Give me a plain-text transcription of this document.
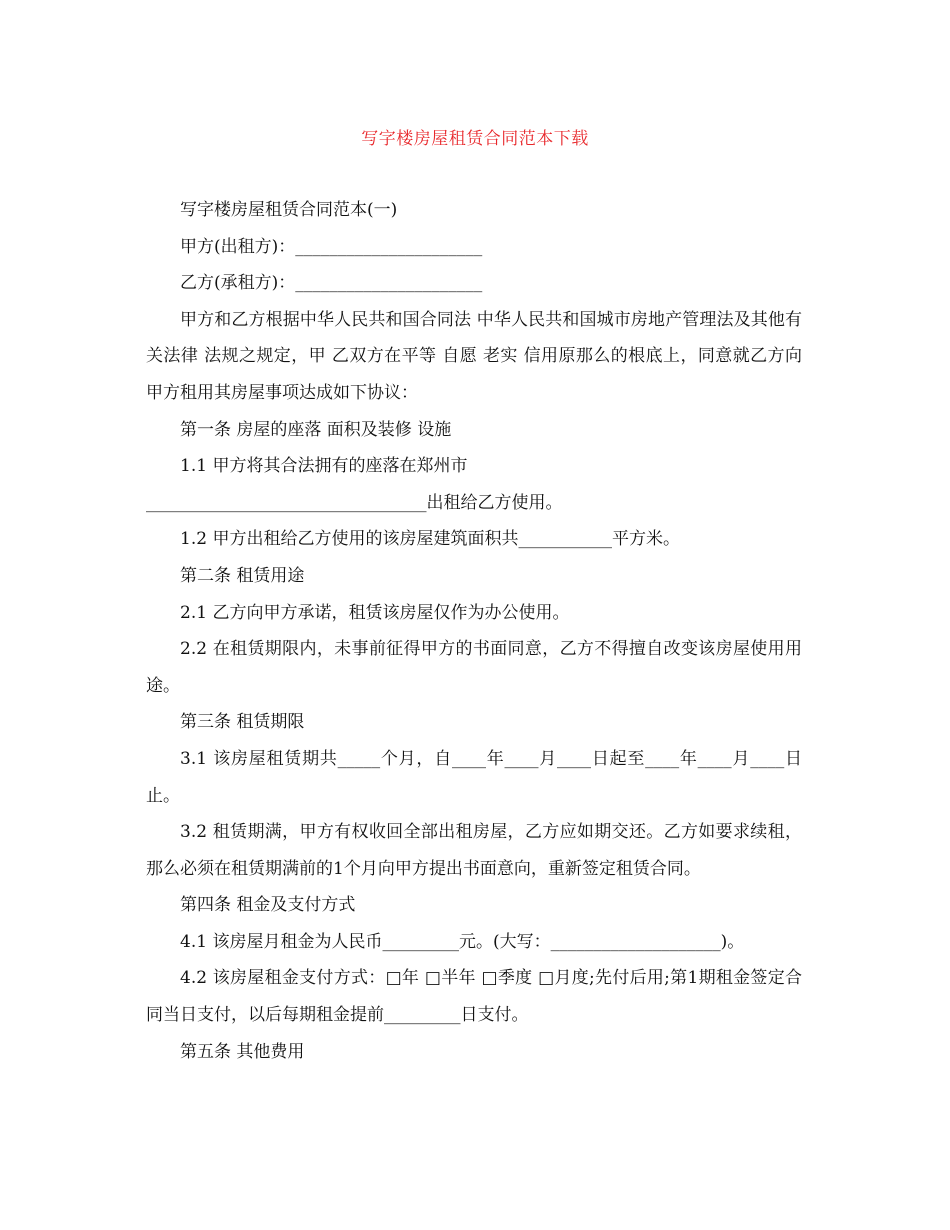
写字楼房屋租赁合同范本下载

写字楼房屋租赁合同范本(一)

甲方(出租方)：______________________

乙方(承租方)：______________________

甲方和乙方根据中华人民共和国合同法 中华人民共和国城市房地产管理法及其他有关法律 法规之规定，甲 乙双方在平等 自愿 老实 信用原那么的根底上，同意就乙方向甲方租用其房屋事项达成如下协议：

第一条 房屋的座落 面积及装修 设施

1.1 甲方将其合法拥有的座落在郑州市

_________________________________出租给乙方使用。

1.2 甲方出租给乙方使用的该房屋建筑面积共___________平方米。

第二条 租赁用途

2.1 乙方向甲方承诺，租赁该房屋仅作为办公使用。

2.2 在租赁期限内，未事前征得甲方的书面同意，乙方不得擅自改变该房屋使用用途。

第三条 租赁期限

3.1 该房屋租赁期共_____个月，自____年____月____日起至____年____月____日止。

3.2 租赁期满，甲方有权收回全部出租房屋，乙方应如期交还。乙方如要求续租，那么必须在租赁期满前的1个月向甲方提出书面意向，重新签定租赁合同。

第四条 租金及支付方式

4.1 该房屋月租金为人民币_________元。(大写：____________________)。

4.2 该房屋租金支付方式：□年 □半年 □季度 □月度;先付后用;第1期租金签定合同当日支付，以后每期租金提前_________日支付。

第五条 其他费用
